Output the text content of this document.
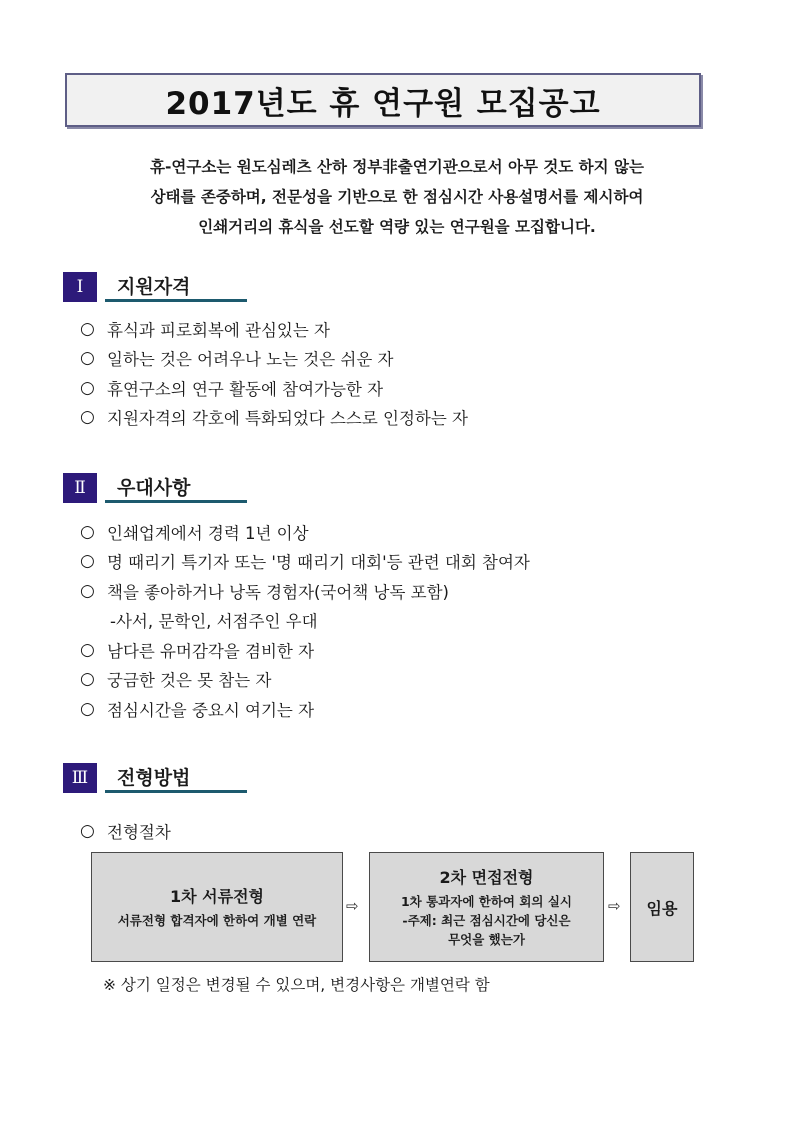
2017년도 휴 연구원 모집공고
휴-연구소는 원도심레츠 산하 정부非출연기관으로서 아무 것도 하지 않는
상태를 존중하며, 전문성을 기반으로 한 점심시간 사용설명서를 제시하여
인쇄거리의 휴식을 선도할 역량 있는 연구원을 모집합니다.
Ⅰ	지원자격
○ 휴식과 피로회복에 관심있는 자
○ 일하는 것은 어려우나 노는 것은 쉬운 자
○ 휴연구소의 연구 활동에 참여가능한 자
○ 지원자격의 각호에 특화되었다 스스로 인정하는 자
Ⅱ	우대사항
○ 인쇄업계에서 경력 1년 이상
○ 명 때리기 특기자 또는 '명 때리기 대회'등 관련 대회 참여자
○ 책을 좋아하거나 낭독 경험자(국어책 낭독 포함)
-사서, 문학인, 서점주인 우대
○ 남다른 유머감각을 겸비한 자
○ 궁금한 것은 못 참는 자
○ 점심시간을 중요시 여기는 자
Ⅲ	전형방법
○ 전형절차
1차 서류전형
서류전형 합격자에 한하여 개별 연락
⇨
2차 면접전형
1차 통과자에 한하여 회의 실시
-주제: 최근 점심시간에 당신은
무엇을 했는가
⇨ 임용
※ 상기 일정은 변경될 수 있으며, 변경사항은 개별연락 함
